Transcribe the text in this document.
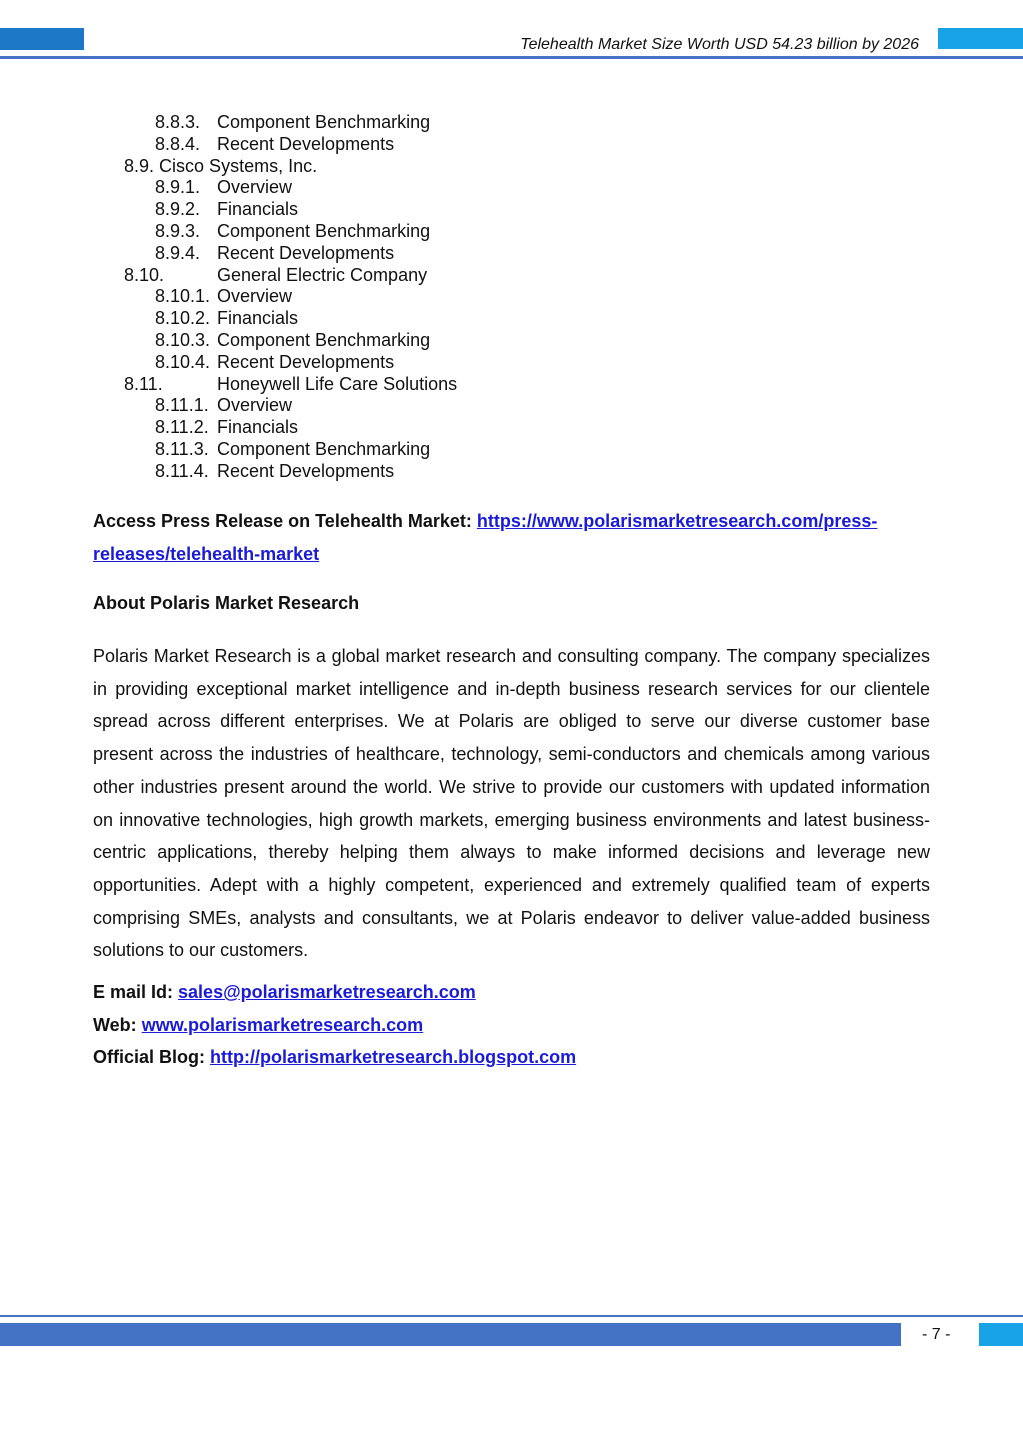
Telehealth Market Size Worth USD 54.23 billion by 2026
8.8.3. Component Benchmarking
8.8.4. Recent Developments
8.9. Cisco Systems, Inc.
8.9.1. Overview
8.9.2. Financials
8.9.3. Component Benchmarking
8.9.4. Recent Developments
8.10.	General Electric Company
8.10.1. Overview
8.10.2. Financials
8.10.3. Component Benchmarking
8.10.4. Recent Developments
8.11.	Honeywell Life Care Solutions
8.11.1. Overview
8.11.2. Financials
8.11.3. Component Benchmarking
8.11.4. Recent Developments
Access Press Release on Telehealth Market: https://www.polarismarketresearch.com/press-releases/telehealth-market
About Polaris Market Research

Polaris Market Research is a global market research and consulting company. The company specializes in providing exceptional market intelligence and in-depth business research services for our clientele spread across different enterprises. We at Polaris are obliged to serve our diverse customer base present across the industries of healthcare, technology, semi-conductors and chemicals among various other industries present around the world. We strive to provide our customers with updated information on innovative technologies, high growth markets, emerging business environments and latest business-centric applications, thereby helping them always to make informed decisions and leverage new opportunities. Adept with a highly competent, experienced and extremely qualified team of experts comprising SMEs, analysts and consultants, we at Polaris endeavor to deliver value-added business solutions to our customers.

E mail Id: sales@polarismarketresearch.com
Web: www.polarismarketresearch.com
Official Blog: http://polarismarketresearch.blogspot.com
- 7 -
